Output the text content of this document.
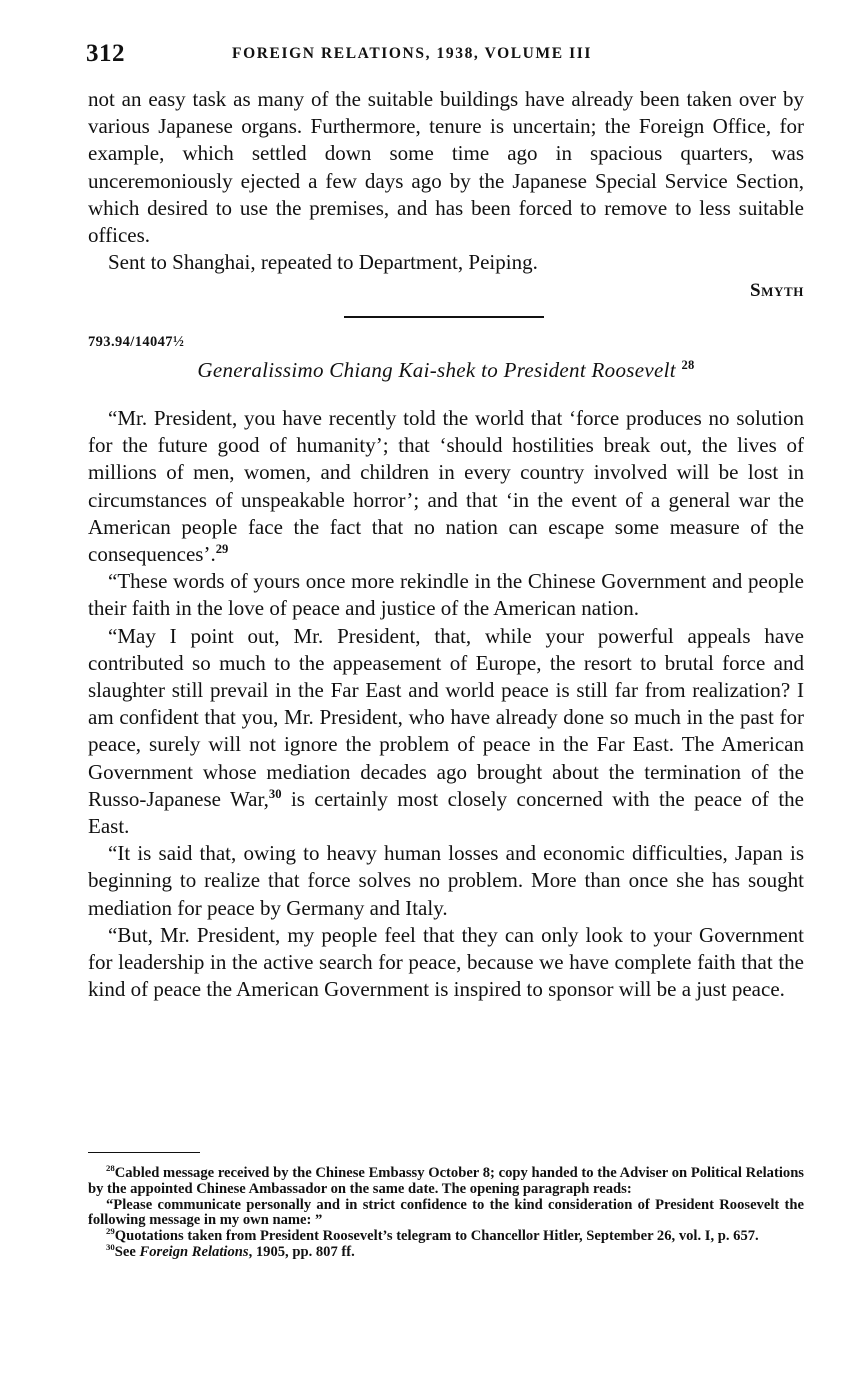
312	FOREIGN RELATIONS, 1938, VOLUME III

not an easy task as many of the suitable buildings have already been taken over by various Japanese organs. Furthermore, tenure is uncertain; the Foreign Office, for example, which settled down some time ago in spacious quarters, was unceremoniously ejected a few days ago by the Japanese Special Service Section, which desired to use the premises, and has been forced to remove to less suitable offices.

Sent to Shanghai, repeated to Department, Peiping.

Smyth

793.94/14047½
Generalissimo Chiang Kai-shek to President Roosevelt $^{28}$

“Mr. President, you have recently told the world that ‘force produces no solution for the future good of humanity’; that ‘should hostilities break out, the lives of millions of men, women, and children in every country involved will be lost in circumstances of unspeakable horror’; and that ‘in the event of a general war the American people face the fact that no nation can escape some measure of the consequences’.$^{29}$

“These words of yours once more rekindle in the Chinese Government and people their faith in the love of peace and justice of the American nation.

“May I point out, Mr. President, that, while your powerful appeals have contributed so much to the appeasement of Europe, the resort to brutal force and slaughter still prevail in the Far East and world peace is still far from realization? I am confident that you, Mr. President, who have already done so much in the past for peace, surely will not ignore the problem of peace in the Far East. The American Government whose mediation decades ago brought about the termination of the Russo-Japanese War,$^{30}$ is certainly most closely concerned with the peace of the East.

“It is said that, owing to heavy human losses and economic difficulties, Japan is beginning to realize that force solves no problem. More than once she has sought mediation for peace by Germany and Italy.

“But, Mr. President, my people feel that they can only look to your Government for leadership in the active search for peace, because we have complete faith that the kind of peace the American Government is inspired to sponsor will be a just peace.

$^{28}$Cabled message received by the Chinese Embassy October 8; copy handed to the Adviser on Political Relations by the appointed Chinese Ambassador on the same date. The opening paragraph reads:

“Please communicate personally and in strict confidence to the kind consideration of President Roosevelt the following message in my own name: ”

$^{29}$Quotations taken from President Roosevelt’s telegram to Chancellor Hitler, September 26, vol. I, p. 657.

$^{30}$See Foreign Relations, 1905, pp. 807 ff.
